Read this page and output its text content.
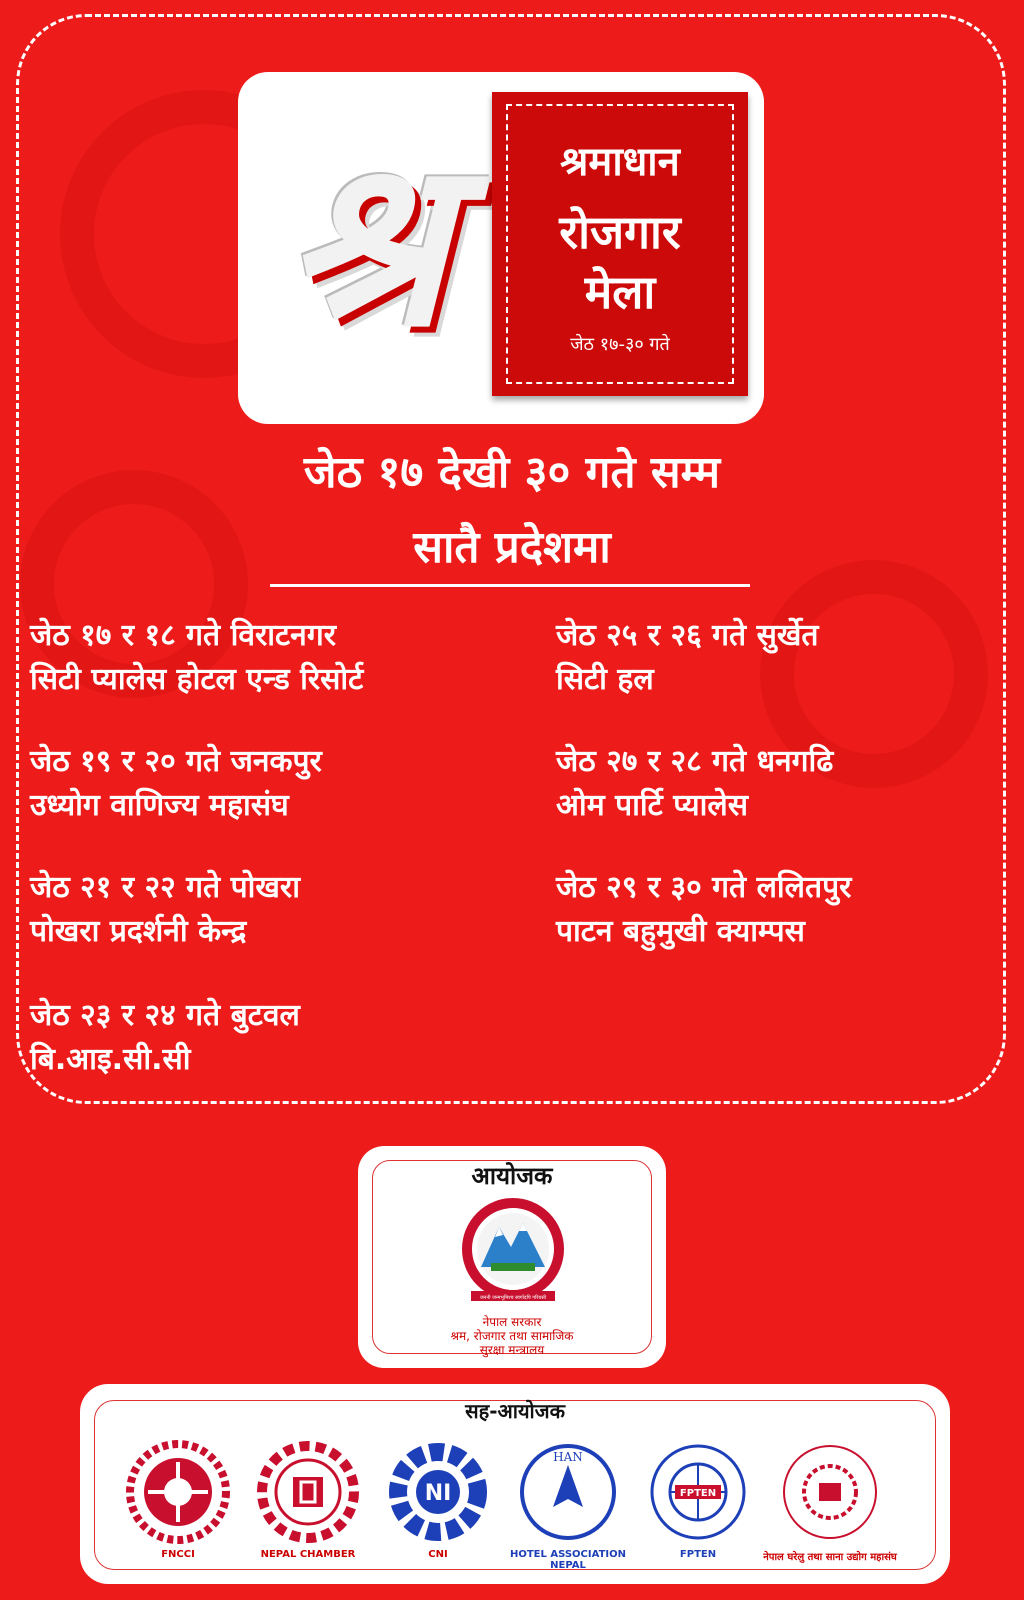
श्र	श्रमाधान
रोजगार
मेला
जेठ १७-३० गते
जेठ १७ देखी ३० गते सम्म
सातै प्रदेशमा
जेठ १७ र १८ गते विराटनगर
सिटी प्यालेस होटल एन्ड रिसोर्ट
जेठ १९ र २० गते जनकपुर
उध्योग वाणिज्य महासंघ
जेठ २१ र २२ गते पोखरा
पोखरा प्रदर्शनी केन्द्र
जेठ २३ र २४ गते बुटवल
बि.आइ.सी.सी
जेठ २५ र २६ गते सुर्खेत
सिटी हल
जेठ २७ र २८ गते धनगढि
ओम पार्टि प्यालेस
जेठ २९ र ३० गते ललितपुर
पाटन बहुमुखी क्याम्पस
आयोजक
जननी जन्मभूमिश्च स्वर्गादपि गरियसी
नेपाल सरकार
श्रम, रोजगार तथा सामाजिक
सुरक्षा मन्त्रालय
सह-आयोजक
FNCCI	NEPAL CHAMBER
NI
CNI
HAN
HOTEL ASSOCIATION NEPAL
FPTEN
FPTEN	नेपाल घरेलु तथा साना उद्योग महासंघ
